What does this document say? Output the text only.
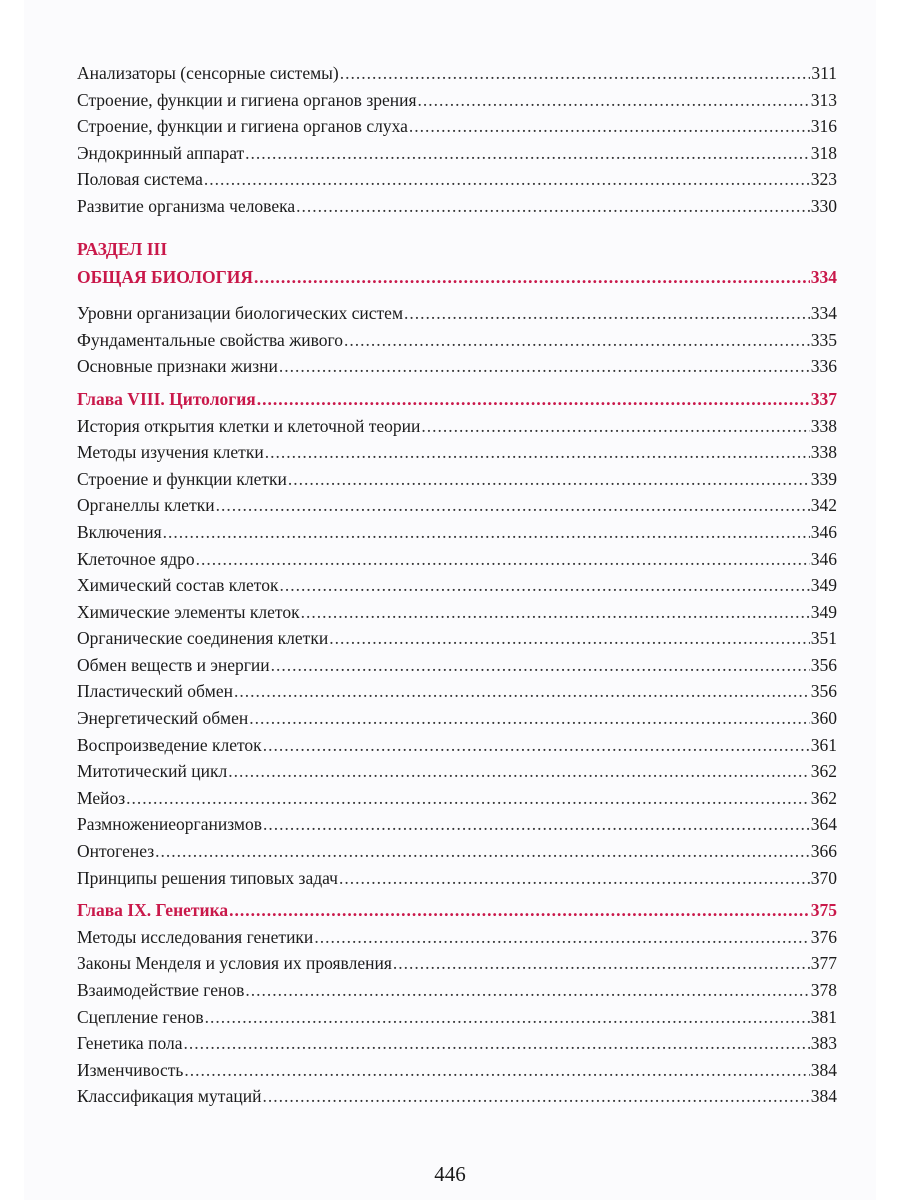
Анализаторы (сенсорные системы) .....	311
Строение, функции и гигиена органов зрения .....	313
Строение, функции и гигиена органов слуха .....	316
Эндокринный аппарат .....	318
Половая система .....	323
Развитие организма человека .....	330
РАЗДЕЛ III
ОБЩАЯ БИОЛОГИЯ .....	334
Уровни организации биологических систем .....	334
Фундаментальные свойства живого .....	335
Основные признаки жизни .....	336
Глава VIII. Цитология .....	337
История открытия клетки и клеточной теории .....	338
Методы изучения клетки .....	338
Строение и функции клетки .....	339
Органеллы клетки .....	342
Включения .....	346
Клеточное ядро .....	346
Химический состав клеток .....	349
Химические элементы клеток .....	349
Органические соединения клетки .....	351
Обмен веществ и энергии .....	356
Пластический обмен .....	356
Энергетический обмен .....	360
Воспроизведение клеток .....	361
Митотический цикл .....	362
Мейоз .....	362
Размножениеорганизмов .....	364
Онтогенез .....	366
Принципы решения типовых задач .....	370
Глава IX. Генетика .....	375
Методы исследования генетики .....	376
Законы Менделя и условия их проявления .....	377
Взаимодействие генов .....	378
Сцепление генов .....	381
Генетика пола .....	383
Изменчивость .....	384
Классификация мутаций .....	384
446
